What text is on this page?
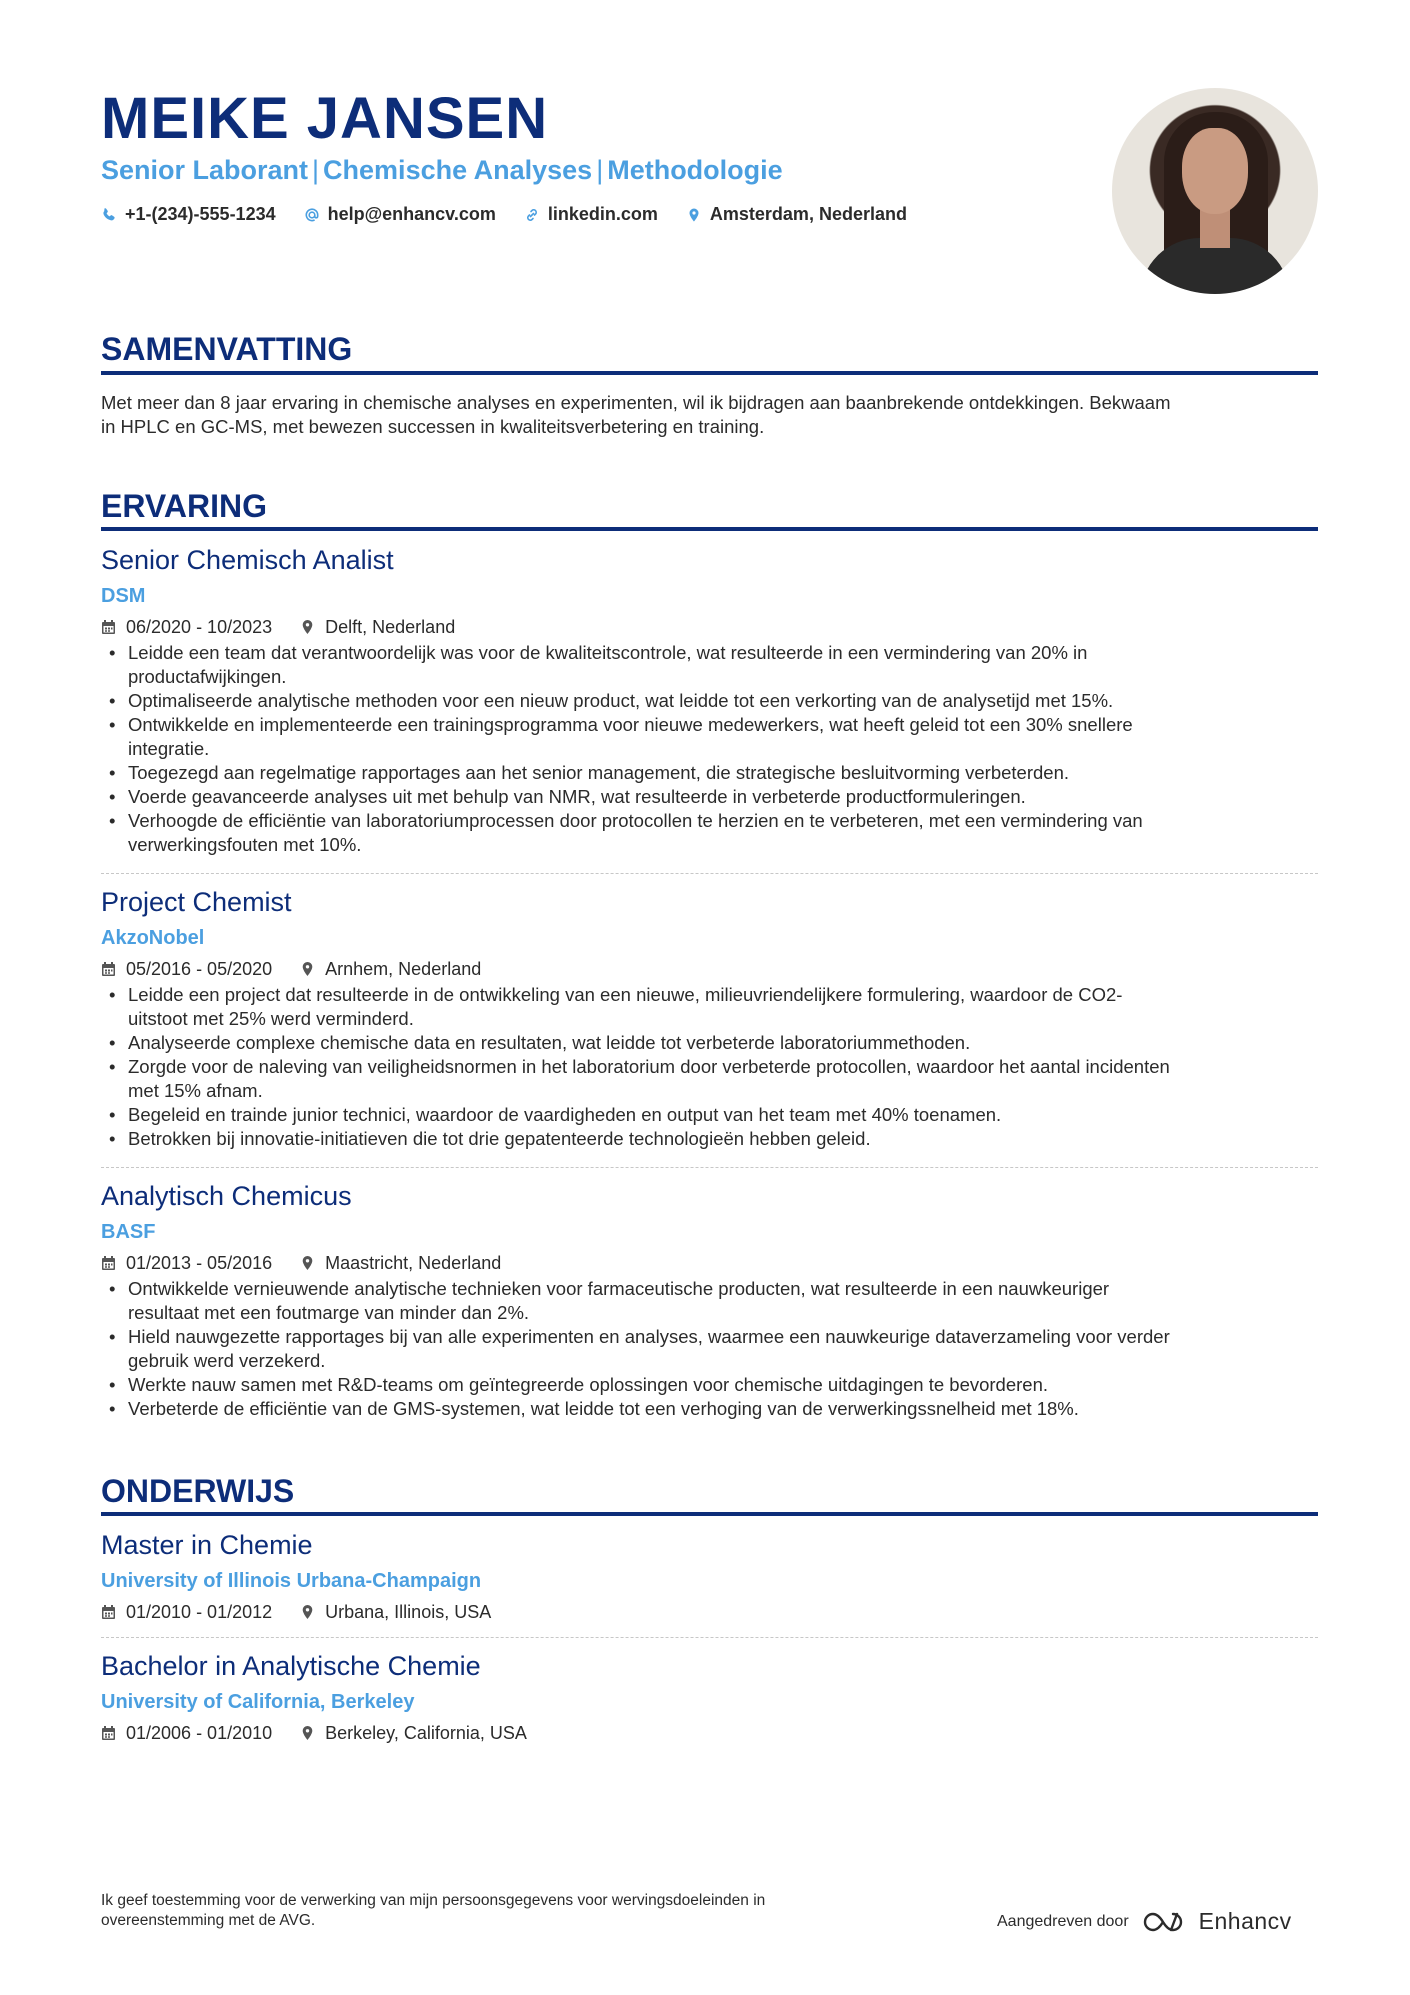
MEIKE JANSEN
Senior Laborant | Chemische Analyses | Methodologie
+1-(234)-555-1234	help@enhancv.com	linkedin.com	Amsterdam, Nederland
SAMENVATTING
Met meer dan 8 jaar ervaring in chemische analyses en experimenten, wil ik bijdragen aan baanbrekende ontdekkingen. Bekwaam
in HPLC en GC-MS, met bewezen successen in kwaliteitsverbetering en training.
ERVARING
Senior Chemisch Analist
DSM
06/2020 - 10/2023	Delft, Nederland
• Leidde een team dat verantwoordelijk was voor de kwaliteitscontrole, wat resulteerde in een vermindering van 20% in
productafwijkingen.
• Optimaliseerde analytische methoden voor een nieuw product, wat leidde tot een verkorting van de analysetijd met 15%.
• Ontwikkelde en implementeerde een trainingsprogramma voor nieuwe medewerkers, wat heeft geleid tot een 30% snellere
integratie.
• Toegezegd aan regelmatige rapportages aan het senior management, die strategische besluitvorming verbeterden.
• Voerde geavanceerde analyses uit met behulp van NMR, wat resulteerde in verbeterde productformuleringen.
• Verhoogde de efficiëntie van laboratoriumprocessen door protocollen te herzien en te verbeteren, met een vermindering van
verwerkingsfouten met 10%.
Project Chemist
AkzoNobel
05/2016 - 05/2020	Arnhem, Nederland
• Leidde een project dat resulteerde in de ontwikkeling van een nieuwe, milieuvriendelijkere formulering, waardoor de CO2-
uitstoot met 25% werd verminderd.
• Analyseerde complexe chemische data en resultaten, wat leidde tot verbeterde laboratoriummethoden.
• Zorgde voor de naleving van veiligheidsnormen in het laboratorium door verbeterde protocollen, waardoor het aantal incidenten
met 15% afnam.
• Begeleid en trainde junior technici, waardoor de vaardigheden en output van het team met 40% toenamen.
• Betrokken bij innovatie-initiatieven die tot drie gepatenteerde technologieën hebben geleid.
Analytisch Chemicus
BASF
01/2013 - 05/2016	Maastricht, Nederland
• Ontwikkelde vernieuwende analytische technieken voor farmaceutische producten, wat resulteerde in een nauwkeuriger
resultaat met een foutmarge van minder dan 2%.
• Hield nauwgezette rapportages bij van alle experimenten en analyses, waarmee een nauwkeurige dataverzameling voor verder
gebruik werd verzekerd.
• Werkte nauw samen met R&D-teams om geïntegreerde oplossingen voor chemische uitdagingen te bevorderen.
• Verbeterde de efficiëntie van de GMS-systemen, wat leidde tot een verhoging van de verwerkingssnelheid met 18%.
ONDERWIJS
Master in Chemie
University of Illinois Urbana-Champaign
01/2010 - 01/2012	Urbana, Illinois, USA
Bachelor in Analytische Chemie
University of California, Berkeley
01/2006 - 01/2010	Berkeley, California, USA
Ik geef toestemming voor de verwerking van mijn persoonsgegevens voor wervingsdoeleinden in
overeenstemming met de AVG.	Aangedreven door	Enhancv
